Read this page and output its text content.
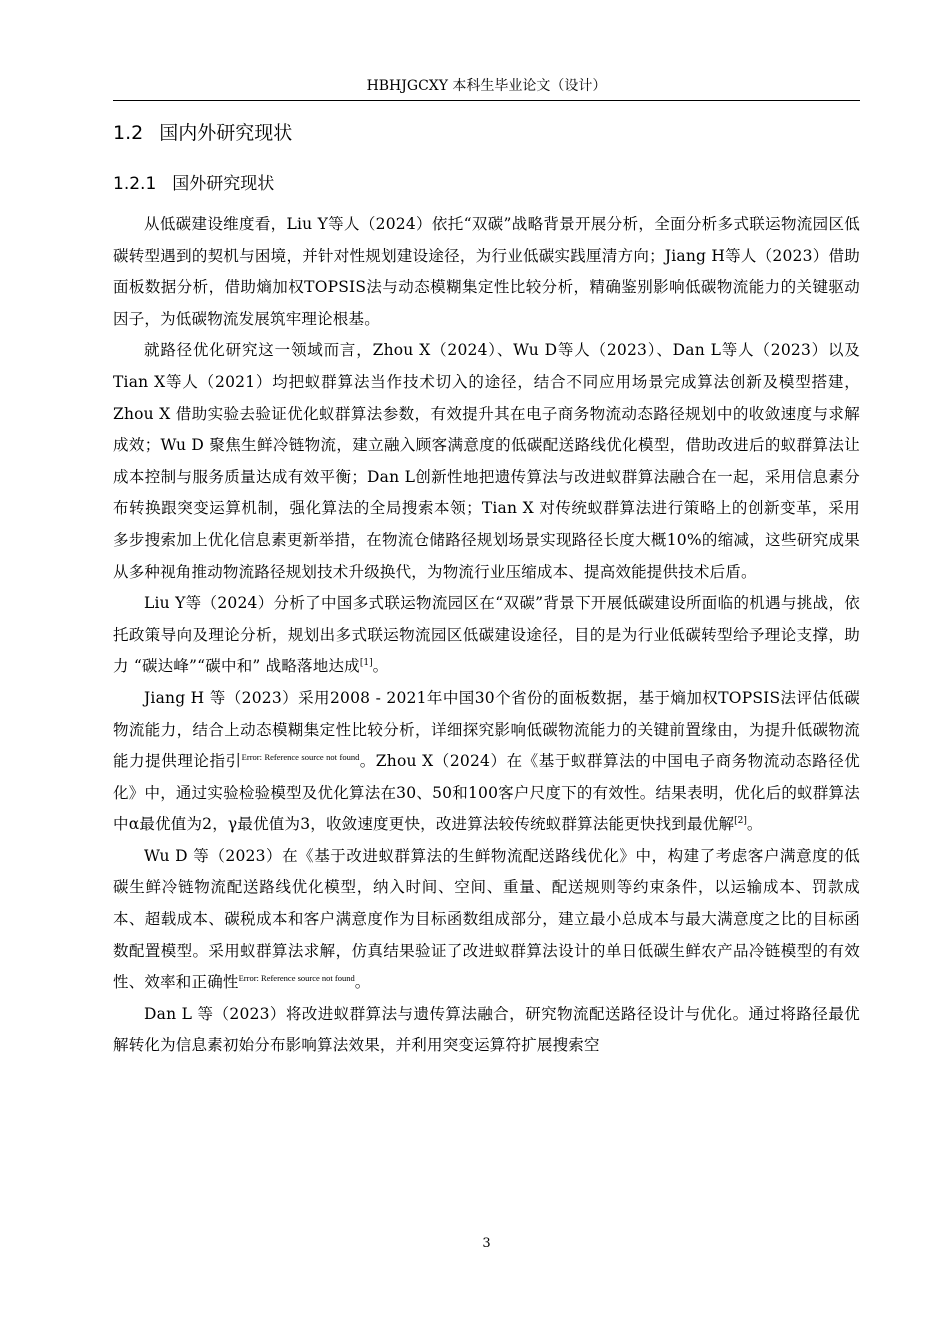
HBHJGCXY 本科生毕业论文（设计）
1.2 国内外研究现状
1.2.1 国外研究现状

从低碳建设维度看，Liu Y等人（2024）依托“双碳”战略背景开展分析，全面分析多式联运物流园区低碳转型遇到的契机与困境，并针对性规划建设途径，为行业低碳实践厘清方向；Jiang H等人（2023）借助面板数据分析，借助熵加权TOPSIS法与动态模糊集定性比较分析，精确鉴别影响低碳物流能力的关键驱动因子，为低碳物流发展筑牢理论根基。

就路径优化研究这一领域而言，Zhou X（2024）、Wu D等人（2023）、Dan L等人（2023）以及Tian X等人（2021）均把蚁群算法当作技术切入的途径，结合不同应用场景完成算法创新及模型搭建，Zhou X 借助实验去验证优化蚁群算法参数，有效提升其在电子商务物流动态路径规划中的收敛速度与求解成效；Wu D 聚焦生鲜冷链物流，建立融入顾客满意度的低碳配送路线优化模型，借助改进后的蚁群算法让成本控制与服务质量达成有效平衡；Dan L创新性地把遗传算法与改进蚁群算法融合在一起，采用信息素分布转换跟突变运算机制，强化算法的全局搜索本领；Tian X 对传统蚁群算法进行策略上的创新变革，采用多步搜索加上优化信息素更新举措，在物流仓储路径规划场景实现路径长度大概10%的缩减，这些研究成果从多种视角推动物流路径规划技术升级换代，为物流行业压缩成本、提高效能提供技术后盾。

Liu Y等（2024）分析了中国多式联运物流园区在“双碳”背景下开展低碳建设所面临的机遇与挑战，依托政策导向及理论分析，规划出多式联运物流园区低碳建设途径，目的是为行业低碳转型给予理论支撑，助力 “碳达峰”“碳中和” 战略落地达成[1]。

Jiang H 等（2023）采用2008 - 2021年中国30个省份的面板数据，基于熵加权TOPSIS法评估低碳物流能力，结合上动态模糊集定性比较分析，详细探究影响低碳物流能力的关键前置缘由，为提升低碳物流能力提供理论指引$^{Error: Reference source not found}$。Zhou X（2024）在《基于蚁群算法的中国电子商务物流动态路径优化》中，通过实验检验模型及优化算法在30、50和100客户尺度下的有效性。结果表明，优化后的蚁群算法中α最优值为2，γ最优值为3，收敛速度更快，改进算法较传统蚁群算法能更快找到最优解[2]。

Wu D 等（2023）在《基于改进蚁群算法的生鲜物流配送路线优化》中，构建了考虑客户满意度的低碳生鲜冷链物流配送路线优化模型，纳入时间、空间、重量、配送规则等约束条件，以运输成本、罚款成本、超载成本、碳税成本和客户满意度作为目标函数组成部分，建立最小总成本与最大满意度之比的目标函数配置模型。采用蚁群算法求解，仿真结果验证了改进蚁群算法设计的单日低碳生鲜农产品冷链模型的有效性、效率和正确性$^{Error: Reference source not found}$。

Dan L 等（2023）将改进蚁群算法与遗传算法融合，研究物流配送路径设计与优化。通过将路径最优解转化为信息素初始分布影响算法效果，并利用突变运算符扩展搜索空

3
